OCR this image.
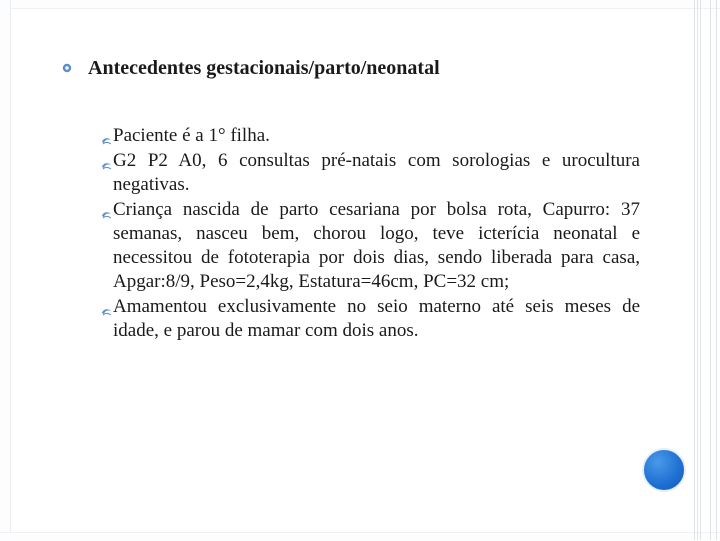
Antecedentes gestacionais/parto/neonatal
Paciente é a 1° filha.
G2 P2 A0, 6 consultas pré-natais com sorologias e urocultura negativas.
Criança nascida de parto cesariana por bolsa rota, Capurro: 37 semanas, nasceu bem, chorou logo, teve icterícia neonatal e necessitou de fototerapia por dois dias, sendo liberada para casa, Apgar:8/9, Peso=2,4kg, Estatura=46cm, PC=32 cm;
Amamentou exclusivamente no seio materno até seis meses de idade, e parou de mamar com dois anos.
